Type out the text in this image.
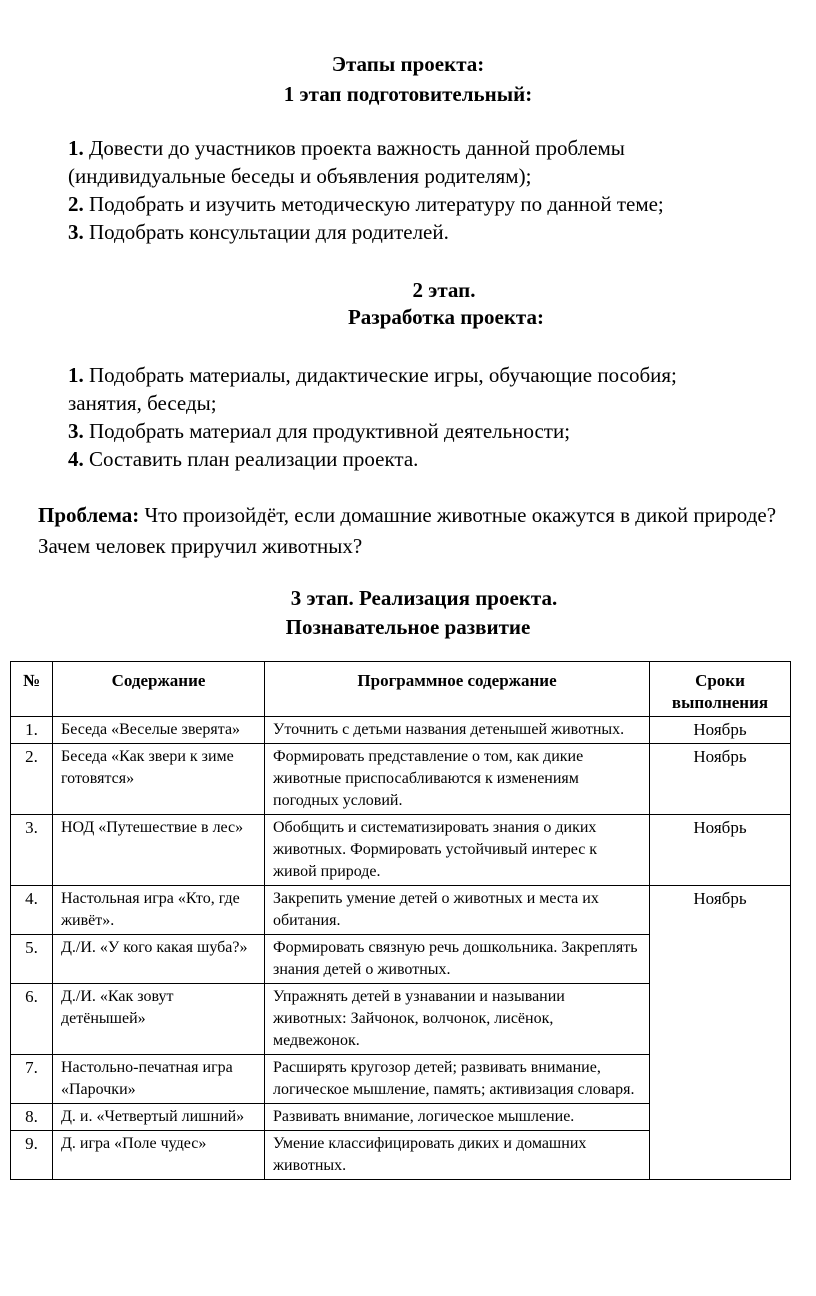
Этапы проекта:
1 этап подготовительный:
1. Довести до участников проекта важность данной проблемы
(индивидуальные беседы и объявления родителям);
2. Подобрать и изучить методическую литературу по данной теме;
3. Подобрать консультации для родителей.
2 этап.
Разработка проекта:
1. Подобрать материалы, дидактические игры, обучающие пособия;
занятия, беседы;
3. Подобрать материал для продуктивной деятельности;
4. Составить план реализации проекта.
Проблема: Что произойдёт, если домашние животные окажутся в дикой природе? Зачем человек приручил животных?
3 этап. Реализация проекта.
Познавательное развитие
№	Содержание	Программное содержание	Сроки выполнения
1.	Беседа «Веселые зверята»	Уточнить с детьми названия детенышей животных.	Ноябрь
2.	Беседа «Как звери к зиме готовятся»	Формировать представление о том, как дикие животные приспосабливаются к изменениям погодных условий.	Ноябрь
3.	НОД «Путешествие в лес»	Обобщить и систематизировать знания о диких животных. Формировать устойчивый интерес к живой природе.	Ноябрь
4.	Настольная игра «Кто, где живёт».	Закрепить умение детей о животных и места их обитания.	Ноябрь
5.	Д./И. «У кого какая шуба?»	Формировать связную речь дошкольника. Закреплять знания детей о животных.	
6.	Д./И. «Как зовут детёнышей»	Упражнять детей в узнавании и назывании животных: Зайчонок, волчонок, лисёнок, медвежонок.	
7.	Настольно-печатная игра «Парочки»	Расширять кругозор детей; развивать внимание, логическое мышление, память; активизация словаря.	
8.	Д. и. «Четвертый лишний»	Развивать внимание, логическое мышление.	
9.	Д. игра «Поле чудес»	Умение классифицировать диких и домашних животных.	
